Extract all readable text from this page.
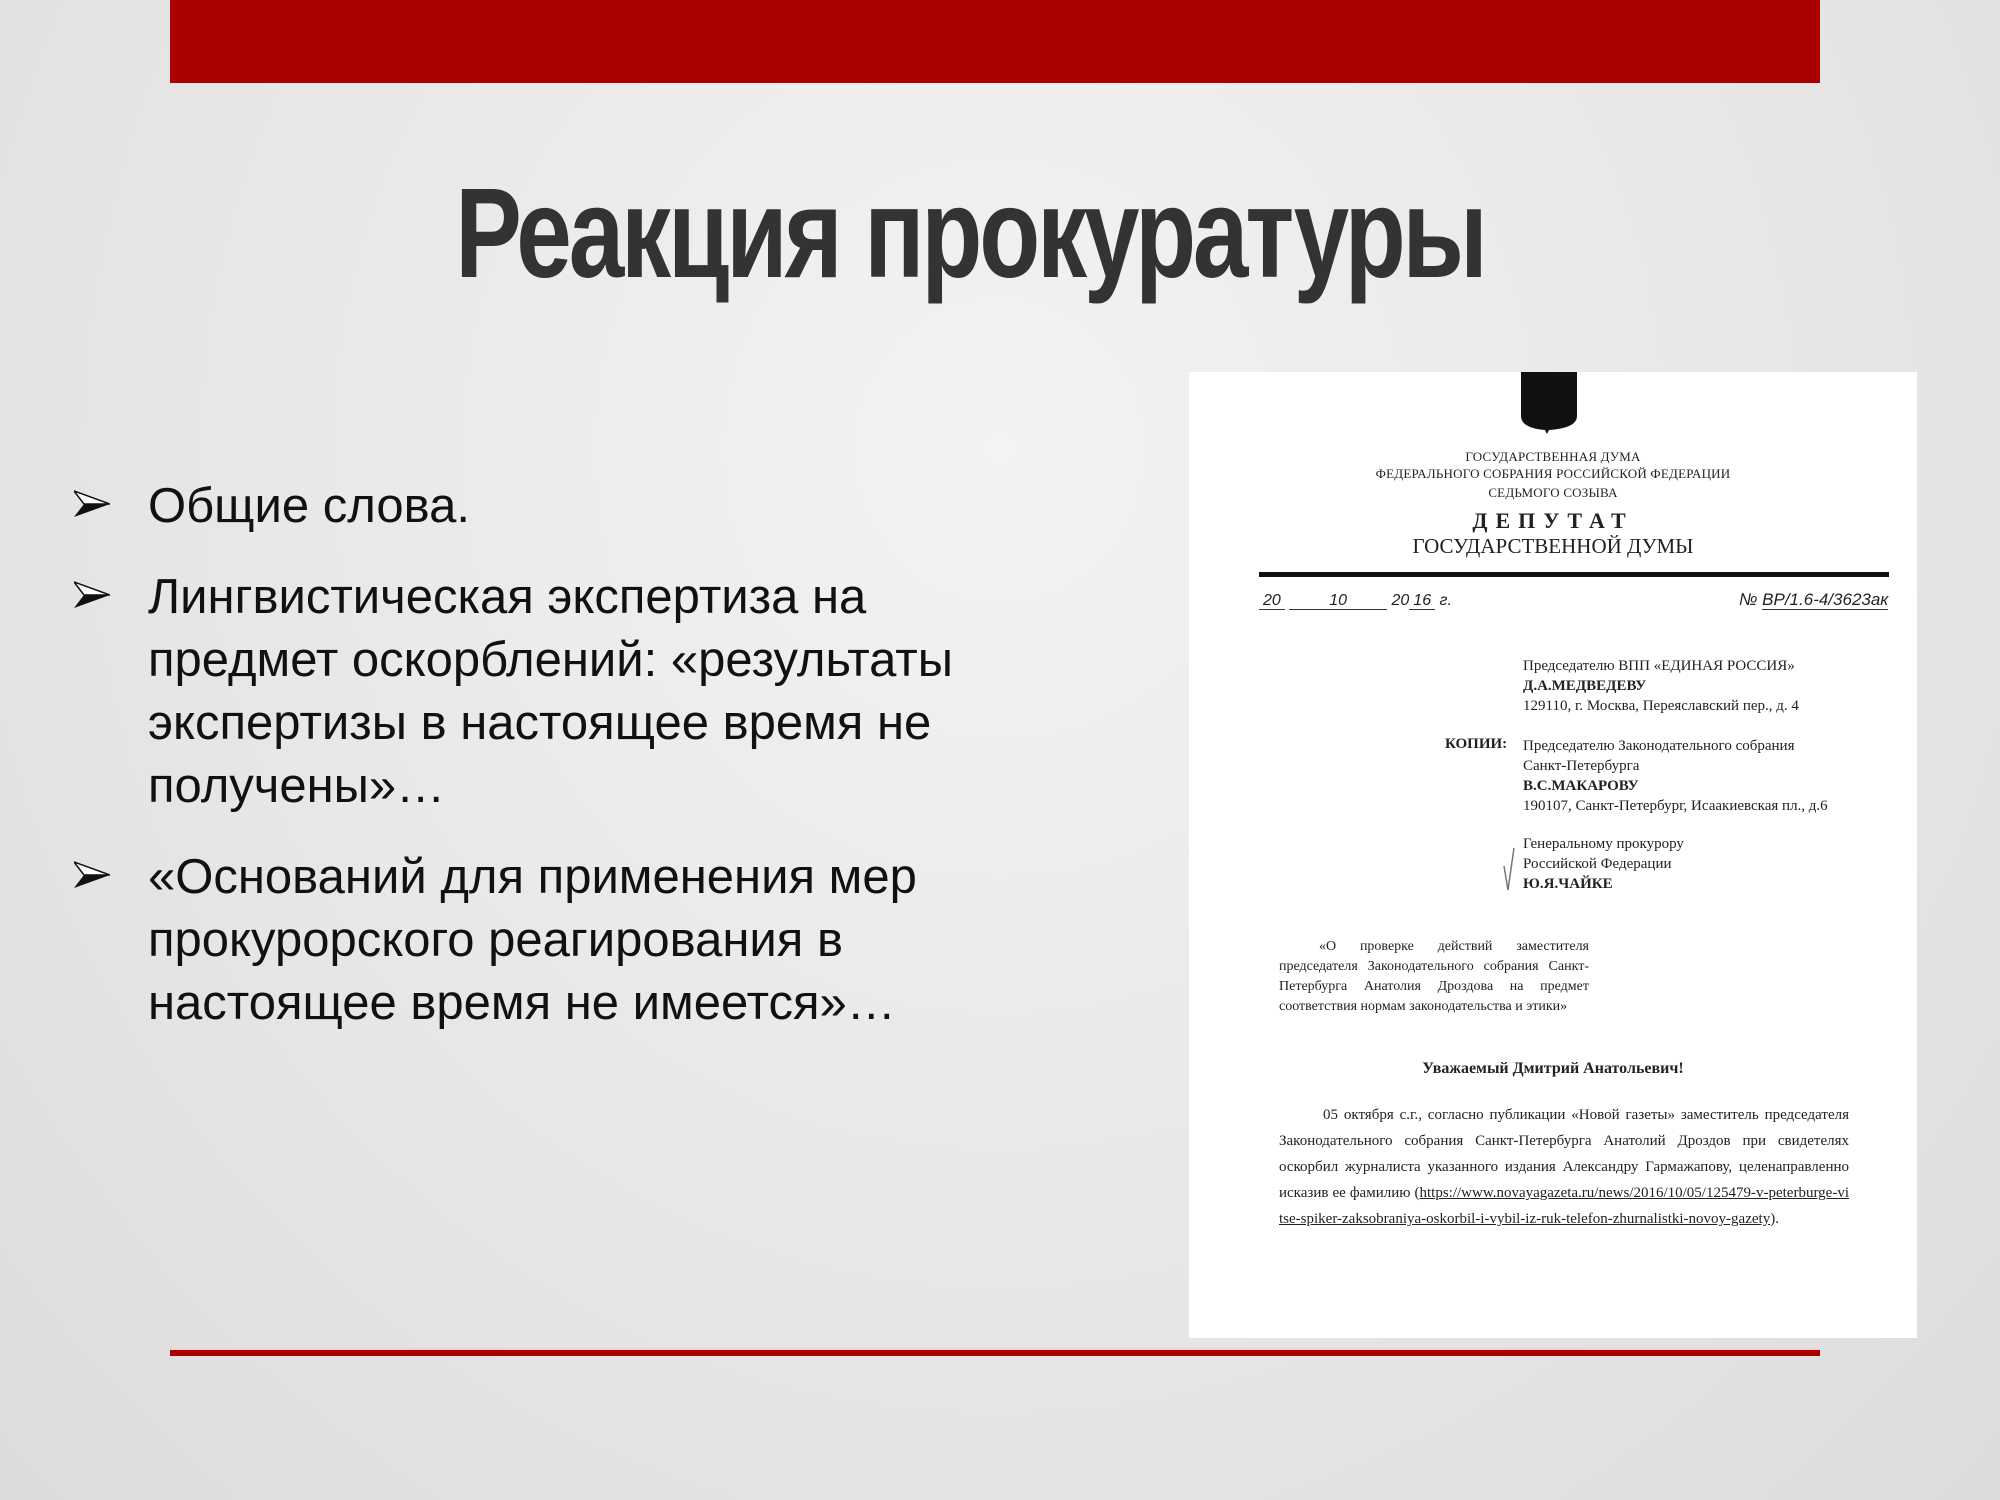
Реакция прокуратуры
Общие слова.
Лингвистическая экспертиза на предмет оскорблений: «результаты экспертизы в настоящее время не получены»…
«Оснований для применения мер прокурорского реагирования в настоящее время не имеется»…
ГОСУДАРСТВЕННАЯ ДУМА
ФЕДЕРАЛЬНОГО СОБРАНИЯ РОССИЙСКОЙ ФЕДЕРАЦИИ
СЕДЬМОГО СОЗЫВА
ДЕПУТАТ
ГОСУДАРСТВЕННОЙ ДУМЫ
20	10	20 16 г.	№ ВР/1.6-4/3623ак
Председателю ВПП «ЕДИНАЯ РОССИЯ»
Д.А.МЕДВЕДЕВУ
129110, г. Москва, Переяславский пер., д. 4
КОПИИ: Председателю Законодательного собрания
Санкт-Петербурга
В.С.МАКАРОВУ
190107, Санкт-Петербург, Исаакиевская пл., д.6
Генеральному прокурору
Российской Федерации
Ю.Я.ЧАЙКЕ
«О проверке действий заместителя председателя Законодательного собрания Санкт-Петербурга Анатолия Дроздова на предмет соответствия нормам законодательства и этики»
Уважаемый Дмитрий Анатольевич!
05 октября с.г., согласно публикации «Новой газеты» заместитель председателя Законодательного собрания Санкт-Петербурга Анатолий Дроздов при свидетелях оскорбил журналиста указанного издания Александру Гармажапову, целенаправленно исказив ее фамилию (https://www.novayagazeta.ru/news/2016/10/05/125479-v-peterburge-vitse-spiker-zaksobraniya-oskorbil-i-vybil-iz-ruk-telefon-zhurnalistki-novoy-gazety).
